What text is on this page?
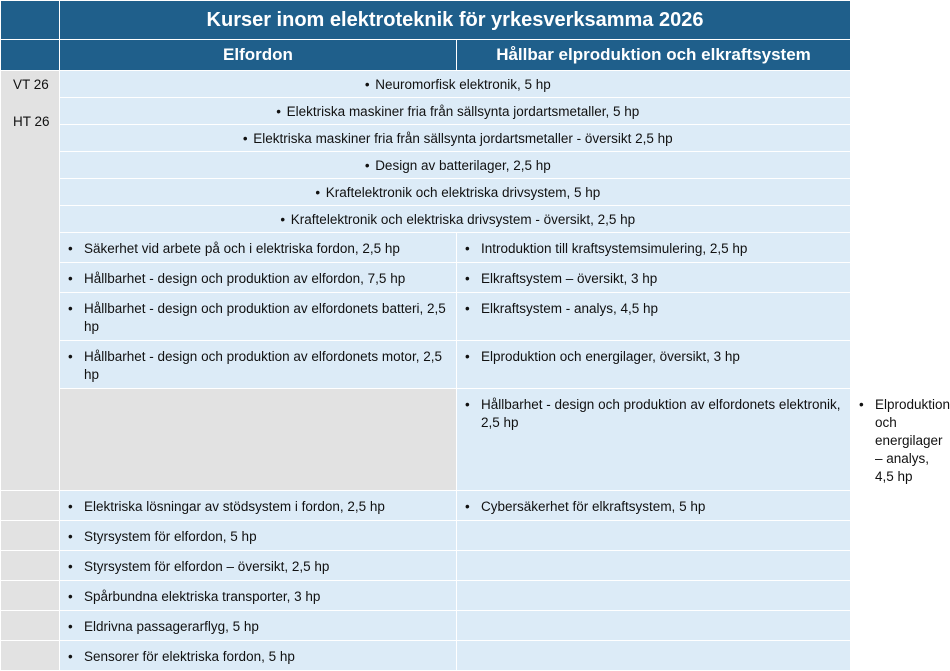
	Kurser inom elektroteknik för yrkesverksamma 2026		
	Elfordon	Hållbar elproduktion och elkraftsystem	

VT 26
HT 26	• Neuromorfisk elektronik, 5 hp		

	• Elektriska maskiner fria från sällsynta jordartsmetaller, 5 hp		

	• Elektriska maskiner fria från sällsynta jordartsmetaller - översikt 2,5 hp		

	• Design av batterilager, 2,5 hp		

	• Kraftelektronik och elektriska drivsystem, 5 hp		

	• Kraftelektronik och elektriska drivsystem - översikt, 2,5 hp		

	• Säkerhet vid arbete på och i elektriska fordon, 2,5 hp	• Introduktion till kraftsystemsimulering, 2,5 hp	

	• Hållbarhet - design och produktion av elfordon, 7,5 hp	• Elkraftsystem – översikt, 3 hp	

	• Hållbarhet - design och produktion av elfordonets batteri, 2,5 hp	• Elkraftsystem - analys, 4,5 hp	

	• Hållbarhet - design och produktion av elfordonets motor, 2,5 hp	• Elproduktion och energilager, översikt, 3 hp	

		• Hållbarhet - design och produktion av elfordonets elektronik, 2,5 hp	• Elproduktion och energilager – analys, 4,5 hp

	• Elektriska lösningar av stödsystem i fordon, 2,5 hp	• Cybersäkerhet för elkraftsystem, 5 hp	

	• Styrsystem för elfordon, 5 hp		

	• Styrsystem för elfordon – översikt, 2,5 hp		

	• Spårbundna elektriska transporter, 3 hp		

	• Eldrivna passagerarflyg, 5 hp		

	• Sensorer för elektriska fordon, 5 hp		
